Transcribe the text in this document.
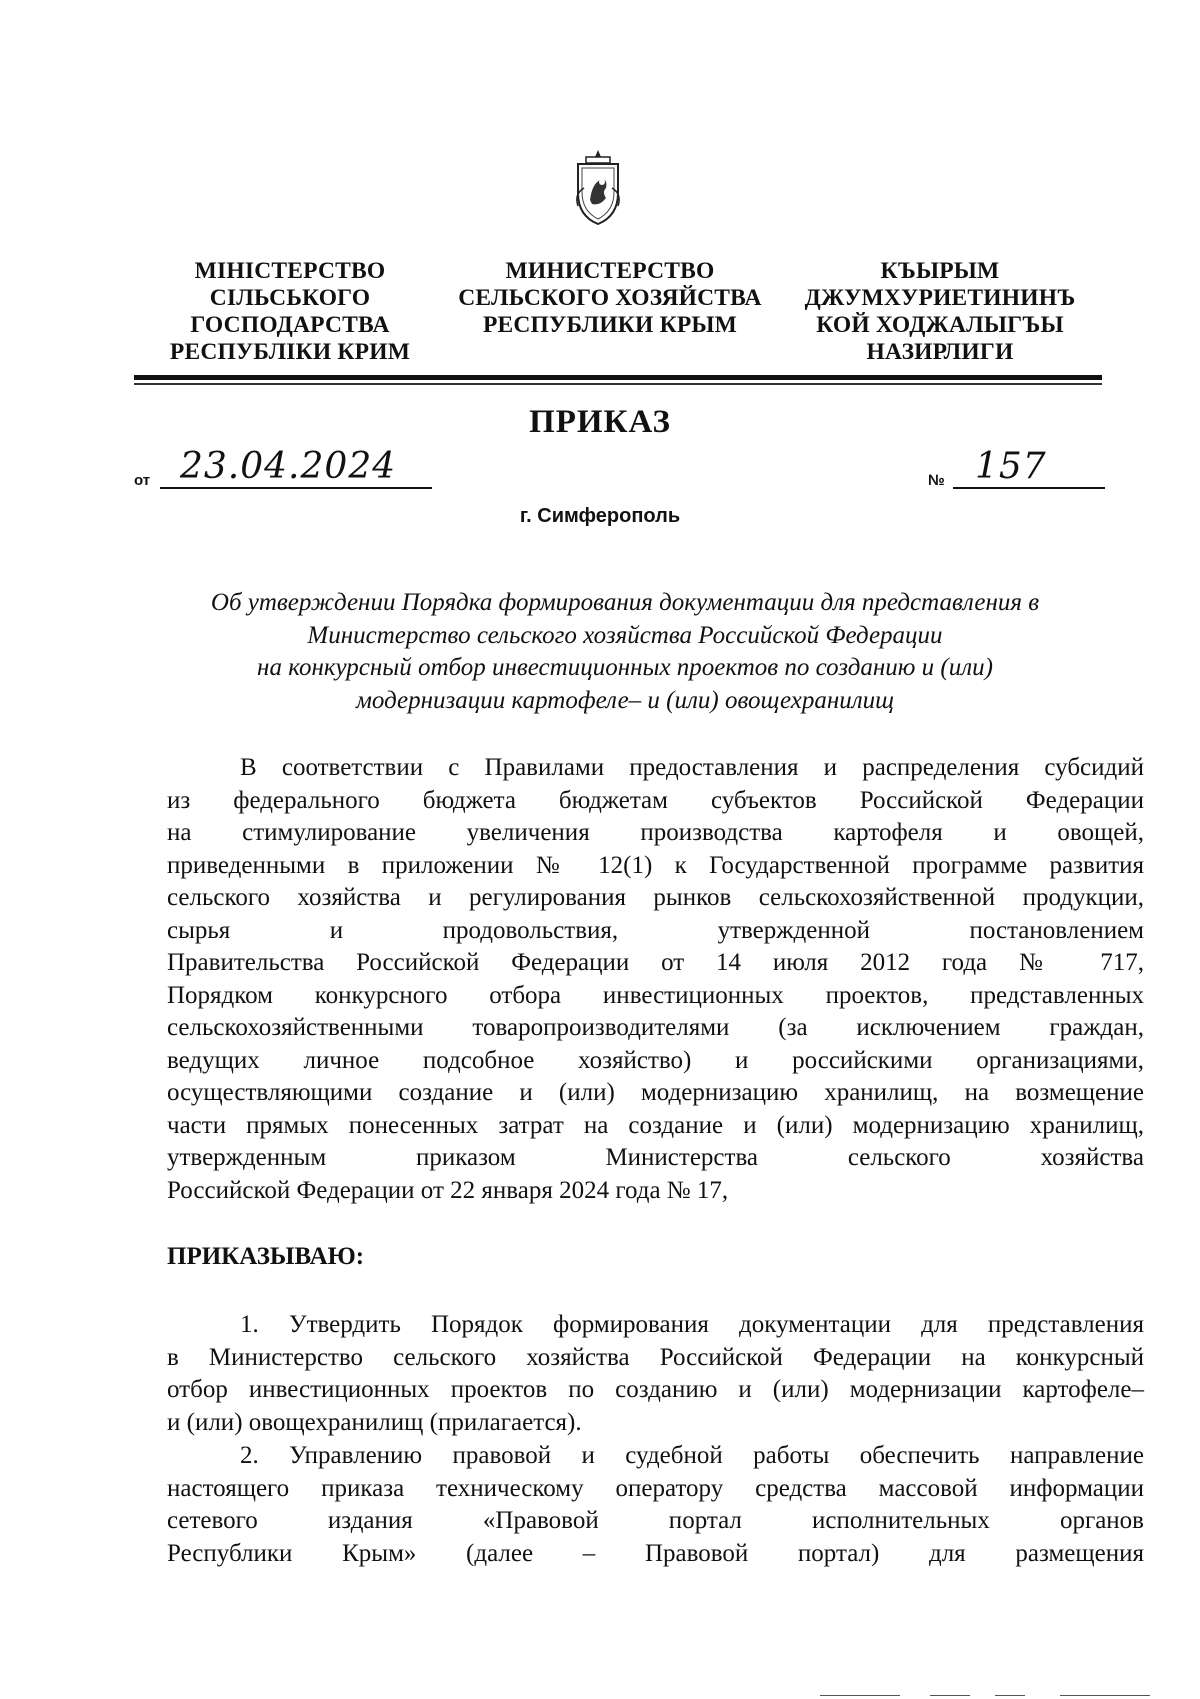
МІНІСТЕРСТВО
СІЛЬСЬКОГО
ГОСПОДАРСТВА
РЕСПУБЛІКИ КРИМ
МИНИСТЕРСТВО
СЕЛЬСКОГО ХОЗЯЙСТВА
РЕСПУБЛИКИ КРЫМ
КЪЫРЫМ
ДЖУМХУРИЕТИНИНЪ
КОЙ ХОДЖАЛЫГЪЫ
НАЗИРЛИГИ
ПРИКАЗ
от 23.04.2024	№ 157
г. Симферополь
Об утверждении Порядка формирования документации для представления в
Министерство сельского хозяйства Российской Федерации
на конкурсный отбор инвестиционных проектов по созданию и (или)
модернизации картофеле– и (или) овощехранилищ
В соответствии с Правилами предоставления и распределения субсидий
из федерального бюджета бюджетам субъектов Российской Федерации
на стимулирование увеличения производства картофеля и овощей,
приведенными в приложении № 12(1) к Государственной программе развития
сельского хозяйства и регулирования рынков сельскохозяйственной продукции,
сырья и продовольствия, утвержденной постановлением
Правительства Российской Федерации от 14 июля 2012 года № 717,
Порядком конкурсного отбора инвестиционных проектов, представленных
сельскохозяйственными товаропроизводителями (за исключением граждан,
ведущих личное подсобное хозяйство) и российскими организациями,
осуществляющими создание и (или) модернизацию хранилищ, на возмещение
части прямых понесенных затрат на создание и (или) модернизацию хранилищ,
утвержденным приказом Министерства сельского хозяйства
Российской Федерации от 22 января 2024 года № 17,
ПРИКАЗЫВАЮ:
1. Утвердить Порядок формирования документации для представления
в Министерство сельского хозяйства Российской Федерации на конкурсный
отбор инвестиционных проектов по созданию и (или) модернизации картофеле–
и (или) овощехранилищ (прилагается).
2. Управлению правовой и судебной работы обеспечить направление
настоящего приказа техническому оператору средства массовой информации
сетевого издания «Правовой портал исполнительных органов
Республики Крым» (далее – Правовой портал) для размещения
